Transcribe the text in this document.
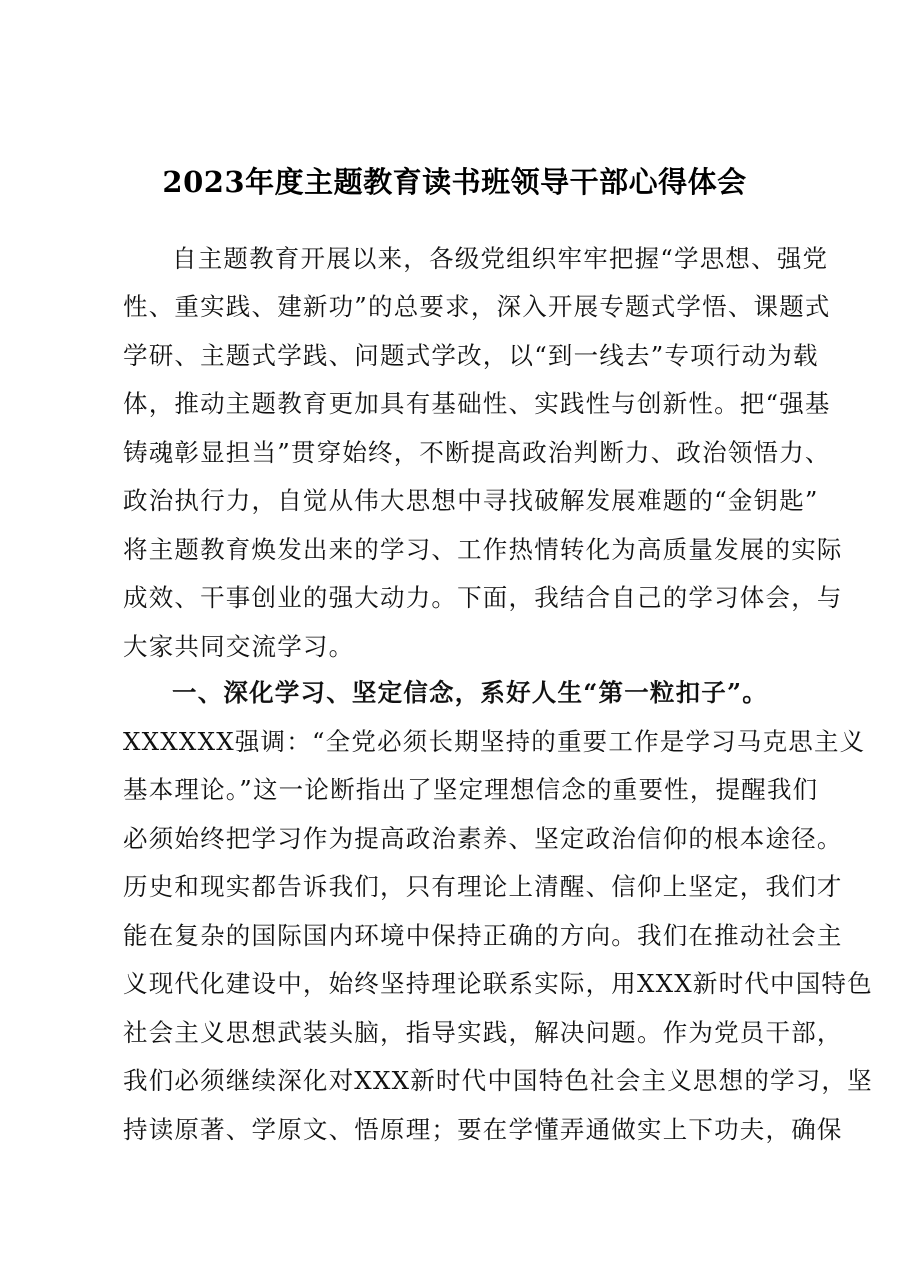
2023年度主题教育读书班领导干部心得体会
自主题教育开展以来，各级党组织牢牢把握“学思想、强党
性、重实践、建新功”的总要求，深入开展专题式学悟、课题式
学研、主题式学践、问题式学改，以“到一线去”专项行动为载
体，推动主题教育更加具有基础性、实践性与创新性。把“强基
铸魂彰显担当”贯穿始终，不断提高政治判断力、政治领悟力、
政治执行力，自觉从伟大思想中寻找破解发展难题的“金钥匙”
将主题教育焕发出来的学习、工作热情转化为高质量发展的实际
成效、干事创业的强大动力。下面，我结合自己的学习体会，与
大家共同交流学习。
一、深化学习、坚定信念，系好人生“第一粒扣子”。
XXXXXX强调：“全党必须长期坚持的重要工作是学习马克思主义
基本理论。”这一论断指出了坚定理想信念的重要性，提醒我们
必须始终把学习作为提高政治素养、坚定政治信仰的根本途径。
历史和现实都告诉我们，只有理论上清醒、信仰上坚定，我们才
能在复杂的国际国内环境中保持正确的方向。我们在推动社会主
义现代化建设中，始终坚持理论联系实际，用XXX新时代中国特色
社会主义思想武装头脑，指导实践，解决问题。作为党员干部，
我们必须继续深化对XXX新时代中国特色社会主义思想的学习，坚
持读原著、学原文、悟原理；要在学懂弄通做实上下功夫，确保
